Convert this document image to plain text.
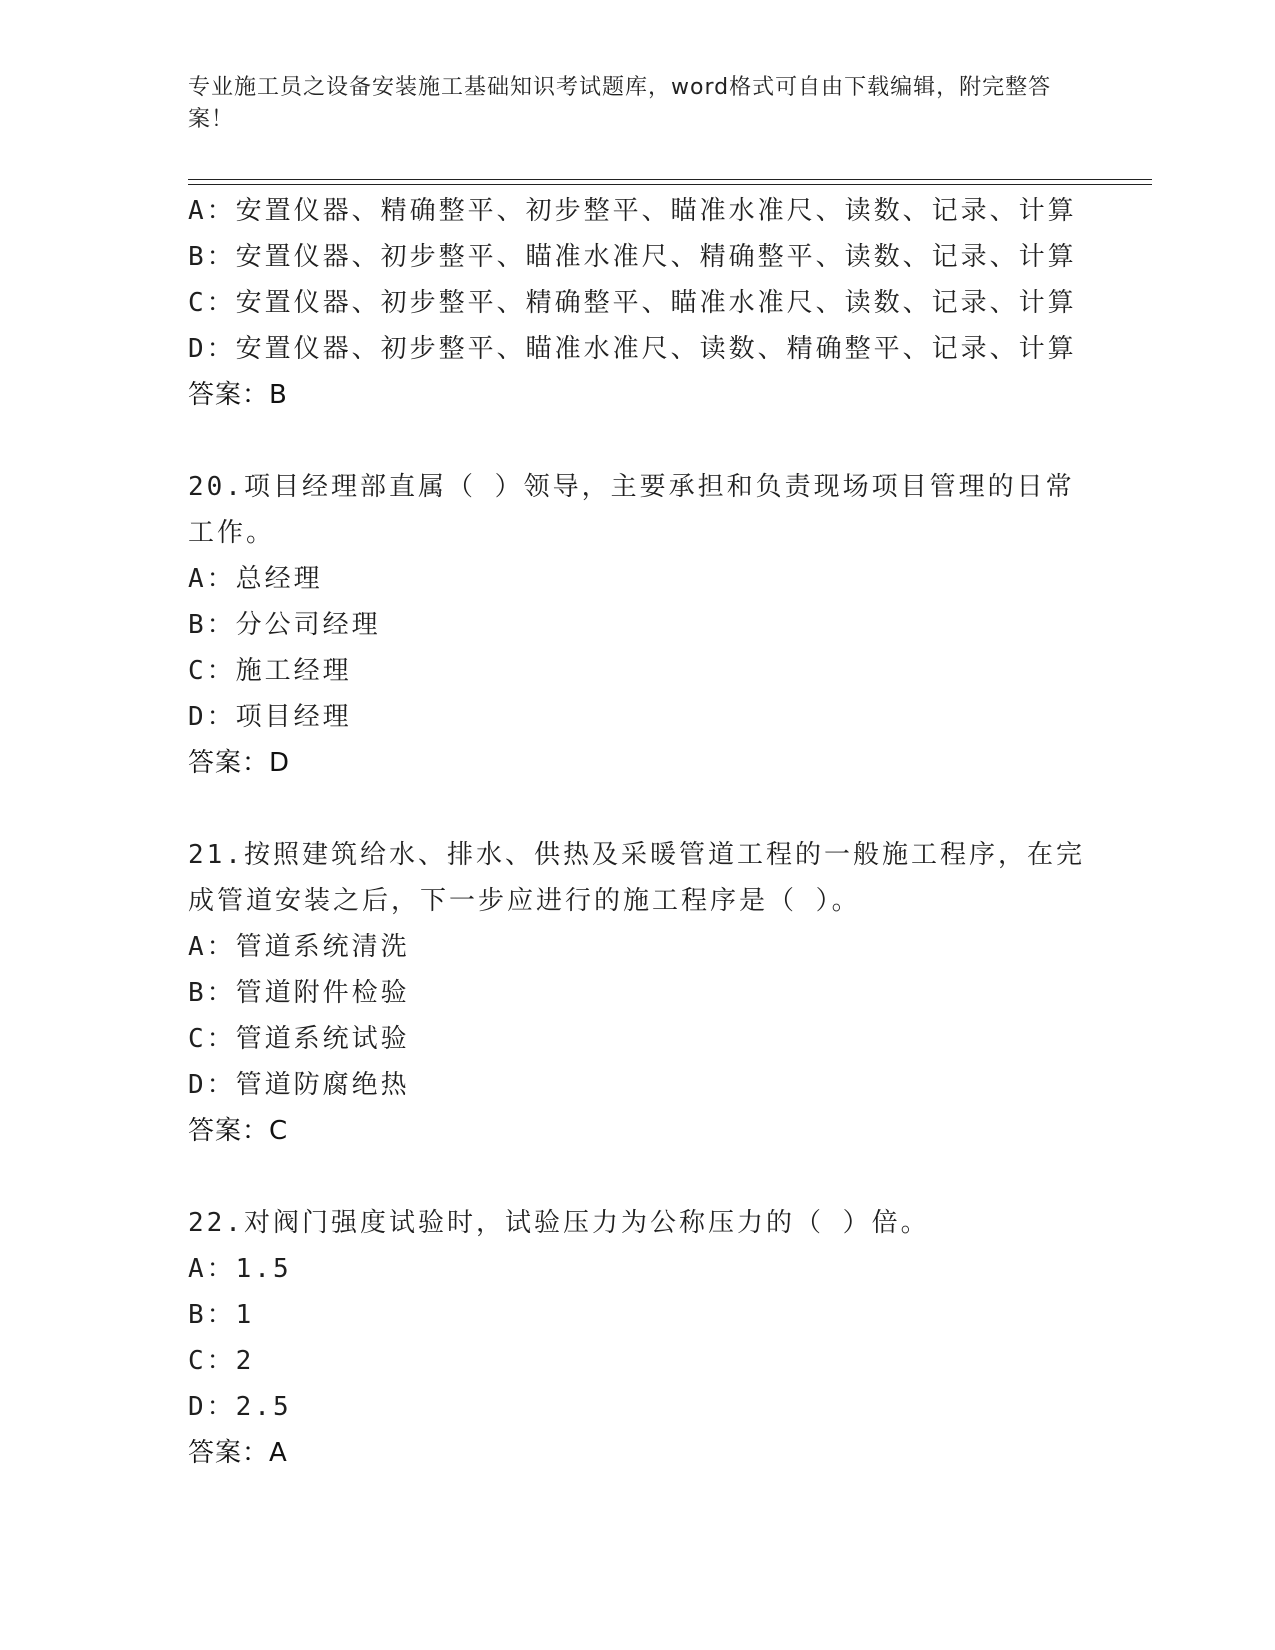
专业施工员之设备安装施工基础知识考试题库，word格式可自由下载编辑，附完整答案！
A：安置仪器、精确整平、初步整平、瞄准水准尺、读数、记录、计算
B：安置仪器、初步整平、瞄准水准尺、精确整平、读数、记录、计算
C：安置仪器、初步整平、精确整平、瞄准水准尺、读数、记录、计算
D：安置仪器、初步整平、瞄准水准尺、读数、精确整平、记录、计算
答案：B
20.项目经理部直属（ ）领导，主要承担和负责现场项目管理的日常
工作。
A：总经理
B：分公司经理
C：施工经理
D：项目经理
答案：D
21.按照建筑给水、排水、供热及采暖管道工程的一般施工程序，在完
成管道安装之后，下一步应进行的施工程序是（ ）。
A：管道系统清洗
B：管道附件检验
C：管道系统试验
D：管道防腐绝热
答案：C
22.对阀门强度试验时，试验压力为公称压力的（ ）倍。
A：1.5
B：1
C：2
D：2.5
答案：A
